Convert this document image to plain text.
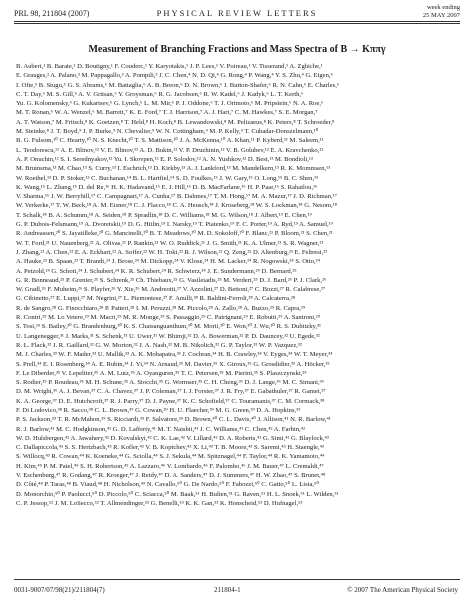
PRL 98, 211804 (2007)	PHYSICAL REVIEW LETTERS
week ending
25 MAY 2007
Measurement of Branching Fractions and Mass Spectra of B → Kππγ
B. Aubert,¹ B. Barate,¹ D. Boutigny,¹ F. Couderc,¹ Y. Karyotakis,¹ J. P. Lees,¹ V. Poireau,¹ V. Tisserand,¹ A. Zghiche,¹
E. Grauges,² A. Palano,³ M. Pappagallo,³ A. Pompili,³ J. C. Chen,⁴ N. D. Qi,⁴ G. Rong,⁴ P. Wang,⁴ Y. S. Zhu,⁴ G. Eigen,⁵
I. Ofte,⁵ B. Stugu,⁵ G. S. Abrams,⁶ M. Battaglia,⁶ A. B. Breon,⁶ D. N. Brown,⁶ J. Button-Shafer,⁶ R. N. Cahn,⁶ E. Charles,⁶
C. T. Day,⁶ M. S. Gill,⁶ A. V. Gritsan,⁶ Y. Groysman,⁶ R. G. Jacobsen,⁶ R. W. Kadel,⁶ J. Kadyk,⁶ L. T. Kerth,⁶
Yu. G. Kolomensky,⁶ G. Kukartsev,⁶ G. Lynch,⁶ L. M. Mir,⁶ P. J. Oddone,⁶ T. J. Orimoto,⁶ M. Pripstein,⁶ N. A. Roe,⁶
M. T. Ronan,⁶ W. A. Wenzel,⁶ M. Barrett,⁷ K. E. Ford,⁷ T. J. Harrison,⁷ A. J. Hart,⁷ C. M. Hawkes,⁷ S. E. Morgan,⁷
A. T. Watson,⁷ M. Fritsch,⁸ K. Goetzen,⁸ T. Held,⁸ H. Koch,⁸ B. Lewandowski,⁸ M. Pelizaeus,⁸ K. Peters,⁸ T. Schroeder,⁸
M. Steinke,⁸ J. T. Boyd,⁹ J. P. Burke,⁹ N. Chevalier,⁹ W. N. Cottingham,⁹ M. P. Kelly,⁹ T. Cuhadar-Donszelmann,¹⁰
B. G. Fulsom,¹⁰ C. Hearty,¹⁰ N. S. Knecht,¹⁰ T. S. Mattison,¹⁰ J. A. McKenna,¹⁰ A. Khan,¹¹ P. Kyberd,¹¹ M. Saleem,¹¹
L. Teodorescu,¹¹ A. E. Blinov,¹² V. E. Blinov,¹² A. D. Bukin,¹² V. P. Druzhinin,¹² V. B. Golubev,¹² E. A. Kravchenko,¹²
A. P. Onuchin,¹² S. I. Serednyakov,¹² Yu. I. Skovpen,¹² E. P. Solodov,¹² A. N. Yushkov,¹² D. Best,¹³ M. Bondioli,¹³
M. Bruinsma,¹³ M. Chao,¹³ S. Curry,¹³ I. Eschrich,¹³ D. Kirkby,¹³ A. J. Lankford,¹³ M. Mandelkern,¹³ R. K. Mommsen,¹³
W. Roethel,¹³ D. P. Stoker,¹³ C. Buchanan,¹⁴ B. L. Hartfiel,¹⁴ S. D. Foulkes,¹⁵ J. W. Gary,¹⁵ O. Long,¹⁵ B. C. Shen,¹⁵
K. Wang,¹⁵ L. Zhang,¹⁵ D. del Re,¹⁶ H. K. Hadavand,¹⁶ E. J. Hill,¹⁶ D. B. MacFarlane,¹⁶ H. P. Paar,¹⁶ S. Rahatlou,¹⁶
V. Sharma,¹⁶ J. W. Berryhill,¹⁷ C. Campagnari,¹⁷ A. Cunha,¹⁷ B. Dahmes,¹⁷ T. M. Hong,¹⁷ M. A. Mazur,¹⁷ J. D. Richman,¹⁷
W. Verkerke,¹⁷ T. W. Beck,¹⁸ A. M. Eisner,¹⁸ C. J. Flacco,¹⁸ C. A. Heusch,¹⁸ J. Kroseberg,¹⁸ W. S. Lockman,¹⁸ G. Nesom,¹⁸
T. Schalk,¹⁸ B. A. Schumm,¹⁸ A. Seiden,¹⁸ P. Spradlin,¹⁸ D. C. Williams,¹⁸ M. G. Wilson,¹⁸ J. Albert,¹⁹ E. Chen,¹⁹
G. P. Dubois-Felsmann,¹⁹ A. Dvoretskii,¹⁹ D. G. Hitlin,¹⁹ I. Narsky,¹⁹ T. Piatenko,¹⁹ F. C. Porter,¹⁹ A. Ryd,¹⁹ A. Samuel,¹⁹
R. Andreassen,²⁰ S. Jayatilleke,²⁰ G. Mancinelli,²⁰ B. T. Meadows,²⁰ M. D. Sokoloff,²⁰ F. Blanc,²¹ P. Bloom,²¹ S. Chen,²¹
W. T. Ford,²¹ U. Nauenberg,²¹ A. Olivas,²¹ P. Rankin,²¹ W. O. Ruddick,²¹ J. G. Smith,²¹ K. A. Ulmer,²¹ S. R. Wagner,²¹
J. Zhang,²¹ A. Chen,²² E. A. Eckhart,²² A. Soffer,²² W. H. Toki,²² R. J. Wilson,²² Q. Zeng,²² D. Altenburg,²³ E. Feltresi,²³
A. Hauke,²³ B. Spaan,²³ T. Brandt,²⁴ J. Brose,²⁴ M. Dickopp,²⁴ V. Klose,²⁴ H. M. Lacker,²⁴ R. Nogowski,²⁴ S. Otto,²⁴
A. Petzold,²⁴ G. Schott,²⁴ J. Schubert,²⁴ K. R. Schubert,²⁴ R. Schwierz,²⁴ J. E. Sundermann,²⁴ D. Bernard,²⁵
G. R. Bonneaud,²⁵ P. Grenier,²⁵ S. Schrenk,²⁵ Ch. Thiebaux,²⁵ G. Vasileiadis,²⁵ M. Verderi,²⁵ D. J. Bard,²⁶ P. J. Clark,²⁶
W. Gradl,²⁶ F. Muheim,²⁶ S. Playfer,²⁶ Y. Xie,²⁶ M. Andreotti,²⁷ V. Azzolini,²⁷ D. Bettoni,²⁷ C. Bozzi,²⁷ R. Calabrese,²⁷
G. Cibinetto,²⁷ E. Luppi,²⁷ M. Negrini,²⁷ L. Piemontese,²⁷ F. Anulli,²⁸ R. Baldini-Ferroli,²⁸ A. Calcaterra,²⁸
R. de Sangro,²⁸ G. Finocchiaro,²⁸ P. Patteri,²⁸ I. M. Peruzzi,²⁸ M. Piccolo,²⁸ A. Zallo,²⁸ A. Buzzo,²⁹ R. Capra,²⁹
R. Contri,²⁹ M. Lo Vetere,²⁹ M. Macri,²⁹ M. R. Monge,²⁹ S. Passaggio,²⁹ C. Patrignani,²⁹ E. Robutti,²⁹ A. Santroni,²⁹
S. Tosi,²⁹ S. Bailey,³⁰ G. Brandenburg,³⁰ K. S. Chaisanguanthum,³⁰ M. Morii,³⁰ E. Won,³⁰ J. Wu,³⁰ R. S. Dubitzky,³¹
U. Langenegger,³¹ J. Marks,³¹ S. Schenk,³¹ U. Uwer,³¹ W. Bhimji,³² D. A. Bowerman,³² P. D. Dauncey,³² U. Egede,³²
R. L. Flack,³² J. R. Gaillard,³² G. W. Morton,³² J. A. Nash,³² M. B. Nikolich,³² G. P. Taylor,³² W. P. Vazquez,³²
M. J. Charles,³³ W. F. Mader,³³ U. Mallik,³³ A. K. Mohapatra,³³ J. Cochran,³⁴ H. B. Crawley,³⁴ V. Eyges,³⁴ W. T. Meyer,³⁴
S. Prell,³⁴ E. I. Rosenberg,³⁴ A. E. Rubin,³⁴ J. Yi,³⁴ N. Arnaud,³⁵ M. Davier,³⁵ X. Giroux,³⁵ G. Grosdidier,³⁵ A. Höcker,³⁵
F. Le Diberder,³⁵ V. Lepeltier,³⁵ A. M. Lutz,³⁵ A. Oyanguren,³⁵ T. C. Petersen,³⁵ M. Pierini,³⁵ S. Plaszczynski,³⁵
S. Rodier,³⁵ P. Roudeau,³⁵ M. H. Schune,³⁵ A. Stocchi,³⁵ G. Wormser,³⁵ C. H. Cheng,³⁶ D. J. Lange,³⁶ M. C. Simani,³⁶
D. M. Wright,³⁶ A. J. Bevan,³⁷ C. A. Chavez,³⁷ J. P. Coleman,³⁷ I. J. Forster,³⁷ J. R. Fry,³⁷ E. Gabathuler,³⁷ R. Gamet,³⁷
K. A. George,³⁷ D. E. Hutchcroft,³⁷ R. J. Parry,³⁷ D. J. Payne,³⁷ K. C. Schofield,³⁷ C. Touramanis,³⁷ C. M. Cormack,³⁸
F. Di Lodovico,³⁸ R. Sacco,³⁸ C. L. Brown,³⁹ G. Cowan,³⁹ H. U. Flaecher,³⁹ M. G. Green,³⁹ D. A. Hopkins,³⁹
P. S. Jackson,³⁹ T. R. McMahon,³⁹ S. Ricciardi,³⁹ F. Salvatore,³⁹ D. Brown,⁴⁰ C. L. Davis,⁴⁰ J. Allison,⁴¹ N. R. Barlow,⁴¹
R. J. Barlow,⁴¹ M. C. Hodgkinson,⁴¹ G. D. Lafferty,⁴¹ M. T. Naisbit,⁴¹ J. C. Williams,⁴¹ C. Chen,⁴² A. Farbin,⁴²
W. D. Hulsbergen,⁴² A. Jawahery,⁴² D. Kovalskyi,⁴² C. K. Lae,⁴² V. Lillard,⁴² D. A. Roberts,⁴² G. Simi,⁴² G. Blaylock,⁴³
C. Dallapiccola,⁴³ S. S. Hertzbach,⁴³ R. Kofler,⁴³ V. B. Koptchev,⁴³ X. Li,⁴³ T. B. Moore,⁴³ S. Saremi,⁴³ H. Staengle,⁴³
S. Willocq,⁴³ R. Cowan,⁴⁴ K. Koeneke,⁴⁴ G. Sciolla,⁴⁴ S. J. Sekula,⁴⁴ M. Spitznagel,⁴⁴ F. Taylor,⁴⁴ R. K. Yamamoto,⁴⁴
H. Kim,⁴⁵ P. M. Patel,⁴⁵ S. H. Robertson,⁴⁵ A. Lazzaro,⁴⁶ V. Lombardo,⁴⁶ F. Palombo,⁴⁶ J. M. Bauer,⁴⁷ L. Cremaldi,⁴⁷
V. Eschenburg,⁴⁷ R. Godang,⁴⁷ R. Kroeger,⁴⁷ J. Reidy,⁴⁷ D. A. Sanders,⁴⁷ D. J. Summers,⁴⁷ H. W. Zhao,⁴⁷ S. Brunet,⁴⁸
D. Côté,⁴⁸ P. Taras,⁴⁸ B. Viaud,⁴⁸ H. Nicholson,⁴⁹ N. Cavallo,⁵⁰ G. De Nardo,⁵⁰ F. Fabozzi,⁵⁰ C. Gatto,⁵⁰ L. Lista,⁵⁰
D. Monorchio,⁵⁰ P. Paolucci,⁵⁰ D. Piccolo,⁵⁰ C. Sciacca,⁵⁰ M. Baak,⁵¹ H. Bulten,⁵¹ G. Raven,⁵¹ H. L. Snoek,⁵¹ L. Wilden,⁵¹
C. P. Jessop,⁵² J. M. LoSecco,⁵² T. Allmendinger,⁵³ G. Benelli,⁵³ K. K. Gan,⁵³ K. Honscheid,⁵³ D. Hufnagel,⁵³
0031-9007/07/98(21)/211804(7)	211804-1	© 2007 The American Physical Society
